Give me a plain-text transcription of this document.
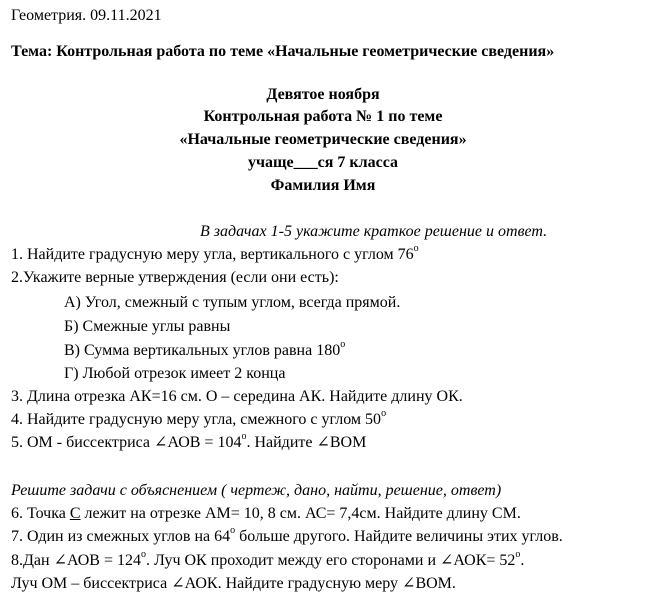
Геометрия. 09.11.2021
Тема: Контрольная работа по теме «Начальные геометрические сведения»
Девятое ноября
Контрольная работа № 1 по теме
«Начальные геометрические сведения»
учаще___ся 7 класса
Фамилия Имя
В задачах 1-5 укажите краткое решение и ответ.
1. Найдите градусную меру угла, вертикального с углом $76^о$
2.Укажите верные утверждения (если они есть):
А) Угол, смежный с тупым углом, всегда прямой.
Б) Смежные углы равны
В) Сумма вертикальных углов равна $180^о$
Г) Любой отрезок имеет 2 конца
3. Длина отрезка АК=16 см. О – середина АК. Найдите длину ОК.
4. Найдите градусную меру угла, смежного с углом $50^о$
5. ОМ - биссектриса ∠АОВ = $104^о$. Найдите ∠ВОМ
Решите задачи с объяснением ( чертеж, дано, найти, решение, ответ)
6. Точка С лежит на отрезке АМ= 10, 8 см. АС= 7,4см. Найдите длину СМ.
7. Один из смежных углов на $64^о$ больше другого. Найдите величины этих углов.
8.Дан ∠АОВ = $124^о$. Луч ОК проходит между его сторонами и ∠АОК= $52^о$.
Луч ОМ – биссектриса ∠АОК. Найдите градусную меру ∠ВОМ.
